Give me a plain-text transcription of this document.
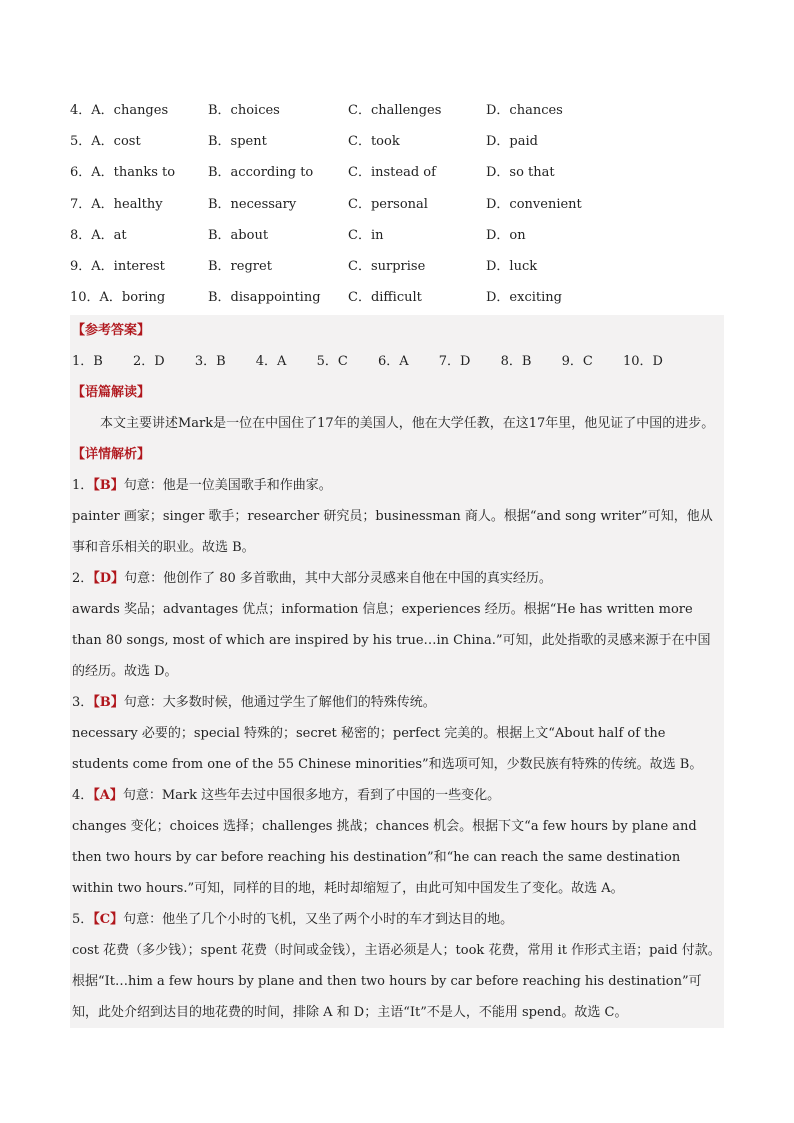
4．A．changes	B．choices	C．challenges	D．chances
5．A．cost	B．spent	C．took	D．paid
6．A．thanks to	B．according to	C．instead of	D．so that
7．A．healthy	B．necessary	C．personal	D．convenient
8．A．at	B．about	C．in	D．on
9．A．interest	B．regret	C．surprise	D．luck
10．A．boring	B．disappointing C．difficult	D．exciting
【参考答案】
1．B 2．D 3．B 4．A 5．C 6．A 7．D 8．B 9．C 10．D
【语篇解读】
本文主要讲述Mark是一位在中国住了17年的美国人，他在大学任教，在这17年里，他见证了中国的进步。
【详情解析】
1．【B】句意：他是一位美国歌手和作曲家。
painter 画家；singer 歌手；researcher 研究员；businessman 商人。根据“and song writer”可知，他从事和音乐相关的职业。故选 B。
2．【D】句意：他创作了 80 多首歌曲，其中大部分灵感来自他在中国的真实经历。
awards 奖品；advantages 优点；information 信息；experiences 经历。根据“He has written more than 80 songs, most of which are inspired by his true…in China.”可知，此处指歌的灵感来源于在中国的经历。故选 D。
3．【B】句意：大多数时候，他通过学生了解他们的特殊传统。
necessary 必要的；special 特殊的；secret 秘密的；perfect 完美的。根据上文“About half of the students come from one of the 55 Chinese minorities”和选项可知，少数民族有特殊的传统。故选 B。
4．【A】句意：Mark 这些年去过中国很多地方，看到了中国的一些变化。
changes 变化；choices 选择；challenges 挑战；chances 机会。根据下文“a few hours by plane and then two hours by car before reaching his destination”和“he can reach the same destination within two hours.”可知，同样的目的地，耗时却缩短了，由此可知中国发生了变化。故选 A。
5．【C】句意：他坐了几个小时的飞机，又坐了两个小时的车才到达目的地。
cost 花费（多少钱）；spent 花费（时间或金钱），主语必须是人；took 花费，常用 it 作形式主语；paid 付款。根据“It…him a few hours by plane and then two hours by car before reaching his destination”可知，此处介绍到达目的地花费的时间，排除 A 和 D；主语“It”不是人，不能用 spend。故选 C。
